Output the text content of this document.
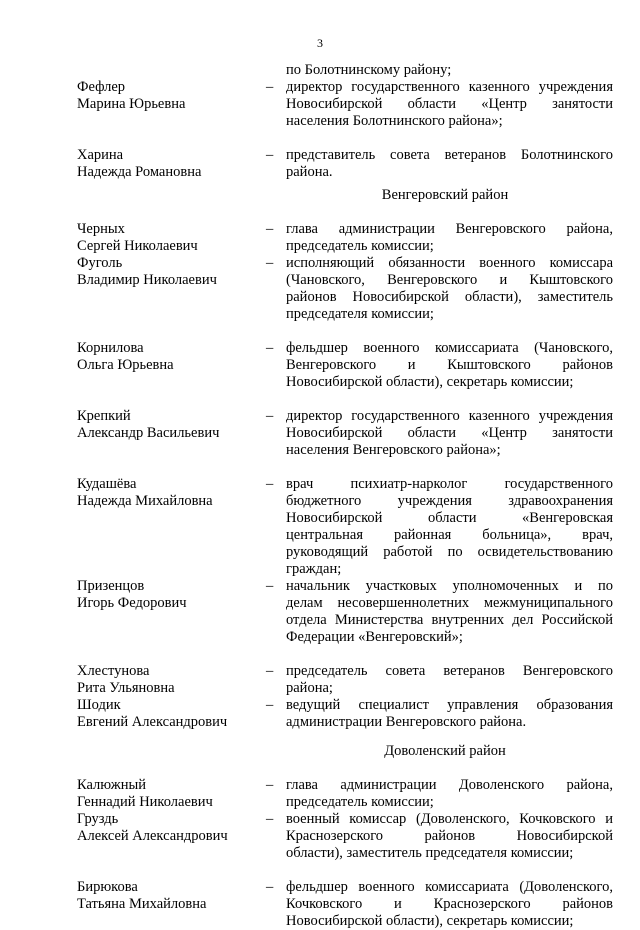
3
по Болотнинскому району;
Фефлер
Марина Юрьевна
– директор государственного казенного учреждения
Новосибирской области «Центр занятости
населения Болотнинского района»;
Харина
Надежда Романовна
– представитель совета ветеранов Болотнинского
района.
Венгеровский район
Черных
Сергей Николаевич
– глава администрации Венгеровского района,
председатель комиссии;
Фуголь
Владимир Николаевич
– исполняющий обязанности военного комиссара
(Чановского, Венгеровского и Кыштовского
районов Новосибирской области), заместитель
председателя комиссии;
Корнилова
Ольга Юрьевна
– фельдшер военного комиссариата (Чановского,
Венгеровского и Кыштовского районов
Новосибирской области), секретарь комиссии;
Крепкий
Александр Васильевич
– директор государственного казенного учреждения
Новосибирской области «Центр занятости
населения Венгеровского района»;
Кудашёва
Надежда Михайловна
– врач психиатр-нарколог государственного
бюджетного учреждения здравоохранения
Новосибирской области «Венгеровская
центральная районная больница», врач,
руководящий работой по освидетельствованию
граждан;
Призенцов
Игорь Федорович
– начальник участковых уполномоченных и по
делам несовершеннолетних межмуниципального
отдела Министерства внутренних дел Российской
Федерации «Венгеровский»;
Хлестунова
Рита Ульяновна
– председатель совета ветеранов Венгеровского
района;
Шодик
Евгений Александрович
– ведущий специалист управления образования
администрации Венгеровского района.
Доволенский район
Калюжный
Геннадий Николаевич
– глава администрации Доволенского района,
председатель комиссии;
Груздь
Алексей Александрович
– военный комиссар (Доволенского, Кочковского и
Краснозерского районов Новосибирской
области), заместитель председателя комиссии;
Бирюкова
Татьяна Михайловна
– фельдшер военного комиссариата (Доволенского,
Кочковского и Краснозерского районов
Новосибирской области), секретарь комиссии;
